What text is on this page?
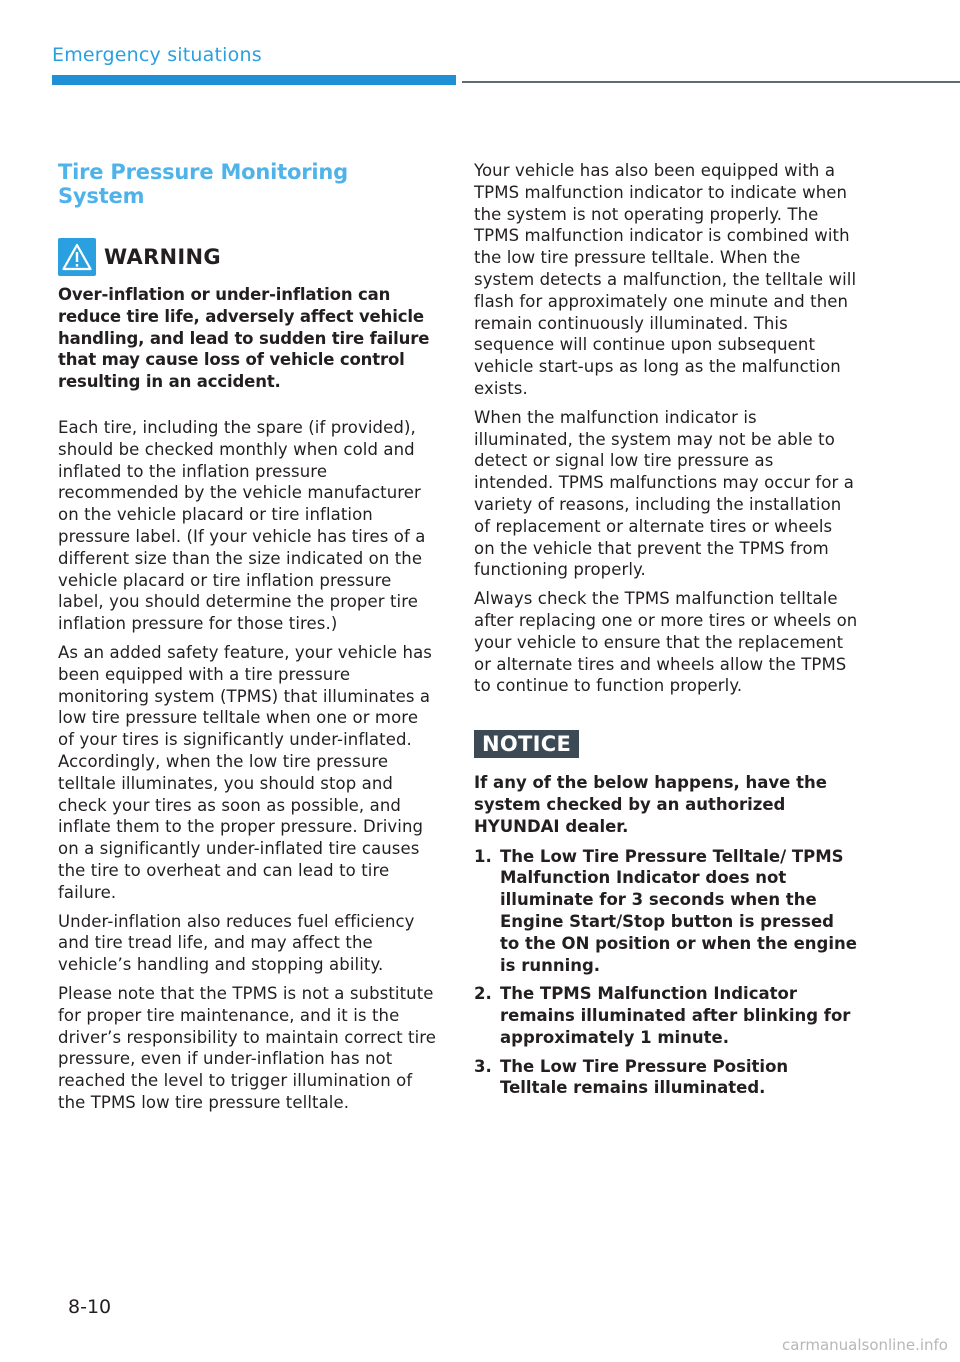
Emergency situations
Tire Pressure Monitoring System
WARNING
Over-inflation or under-inflation can reduce tire life, adversely affect vehicle handling, and lead to sudden tire failure that may cause loss of vehicle control resulting in an accident.

Each tire, including the spare (if provided), should be checked monthly when cold and inflated to the inflation pressure recommended by the vehicle manufacturer on the vehicle placard or tire inflation pressure label. (If your vehicle has tires of a different size than the size indicated on the vehicle placard or tire inflation pressure label, you should determine the proper tire inflation pressure for those tires.)

As an added safety feature, your vehicle has been equipped with a tire pressure monitoring system (TPMS) that illuminates a low tire pressure telltale when one or more of your tires is significantly under-inflated. Accordingly, when the low tire pressure telltale illuminates, you should stop and check your tires as soon as possible, and inflate them to the proper pressure. Driving on a significantly under-inflated tire causes the tire to overheat and can lead to tire failure.

Under-inflation also reduces fuel efficiency and tire tread life, and may affect the vehicle’s handling and stopping ability.

Please note that the TPMS is not a substitute for proper tire maintenance, and it is the driver’s responsibility to maintain correct tire pressure, even if under-inflation has not reached the level to trigger illumination of the TPMS low tire pressure telltale.

Your vehicle has also been equipped with a TPMS malfunction indicator to indicate when the system is not operating properly. The TPMS malfunction indicator is combined with the low tire pressure telltale. When the system detects a malfunction, the telltale will flash for approximately one minute and then remain continuously illuminated. This sequence will continue upon subsequent vehicle start-ups as long as the malfunction exists.

When the malfunction indicator is illuminated, the system may not be able to detect or signal low tire pressure as intended. TPMS malfunctions may occur for a variety of reasons, including the installation of replacement or alternate tires or wheels on the vehicle that prevent the TPMS from functioning properly.

Always check the TPMS malfunction telltale after replacing one or more tires or wheels on your vehicle to ensure that the replacement or alternate tires and wheels allow the TPMS to continue to function properly.

NOTICE
If any of the below happens, have the system checked by an authorized HYUNDAI dealer.
1. The Low Tire Pressure Telltale/ TPMS Malfunction Indicator does not illuminate for 3 seconds when the Engine Start/Stop button is pressed to the ON position or when the engine is running.
2. The TPMS Malfunction Indicator remains illuminated after blinking for approximately 1 minute.
3. The Low Tire Pressure Position Telltale remains illuminated.
8-10
carmanualsonline.info
